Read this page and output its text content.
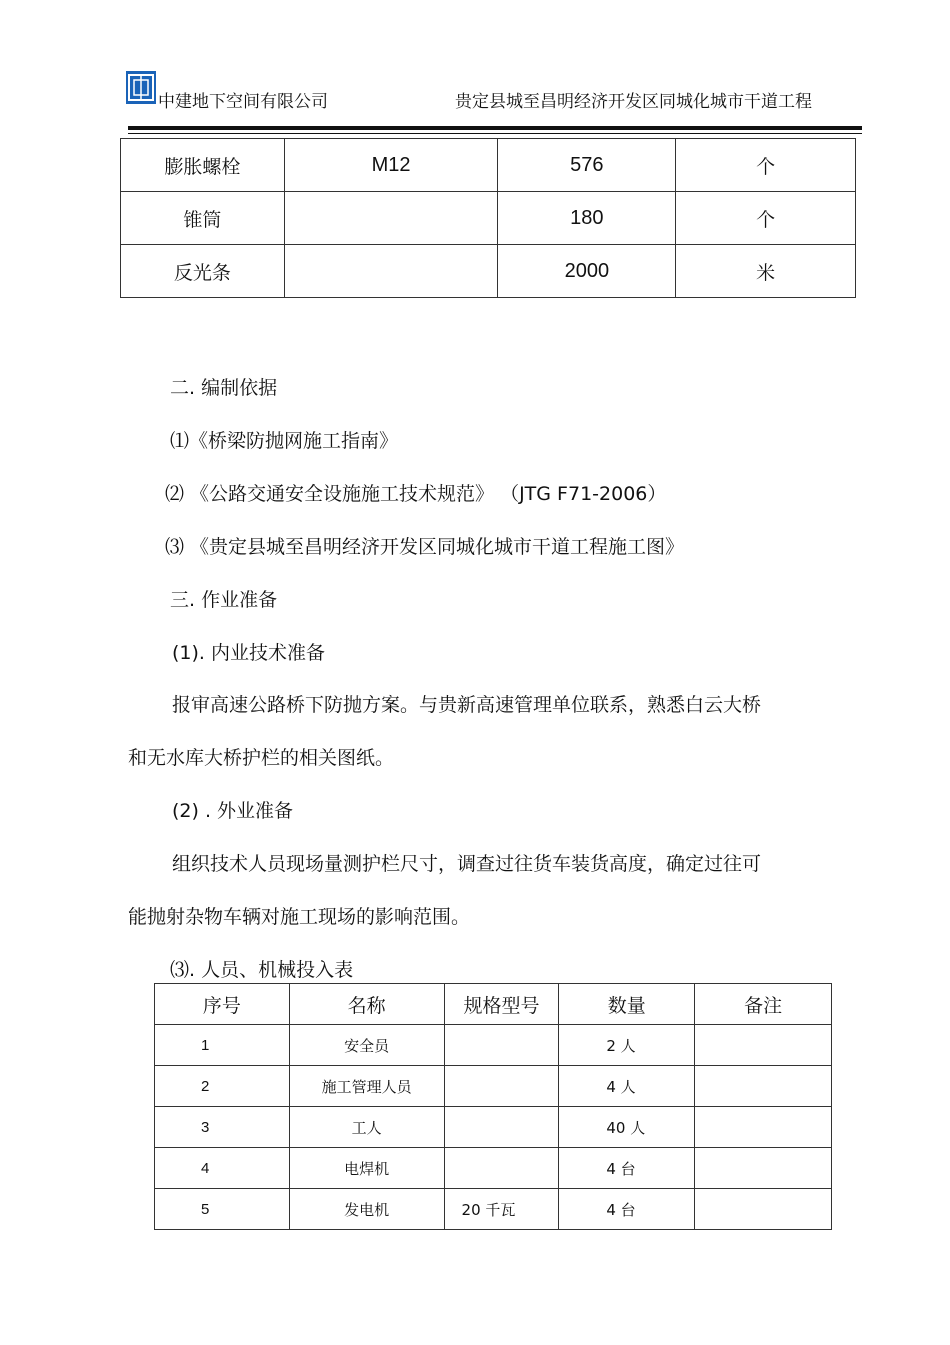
中建地下空间有限公司	贵定县城至昌明经济开发区同城化城市干道工程
膨胀螺栓	M12	576	个
锥筒		180	个
反光条		2000	米
二. 编制依据
⑴《桥梁防抛网施工指南》
⑵ 《公路交通安全设施施工技术规范》 （JTG F71-2006）
⑶ 《贵定县城至昌明经济开发区同城化城市干道工程施工图》
三. 作业准备
(1). 内业技术准备
报审高速公路桥下防抛方案。与贵新高速管理单位联系，熟悉白云大桥
和无水库大桥护栏的相关图纸。
(2) . 外业准备
组织技术人员现场量测护栏尺寸，调查过往货车装货高度，确定过往可
能抛射杂物车辆对施工现场的影响范围。
⑶. 人员、机械投入表
序号	名称	规格型号	数量	备注
1	安全员		2 人	
2	施工管理人员		4 人	
3	工人		40 人	
4	电焊机		4 台	
5	发电机	20 千瓦	4 台	
